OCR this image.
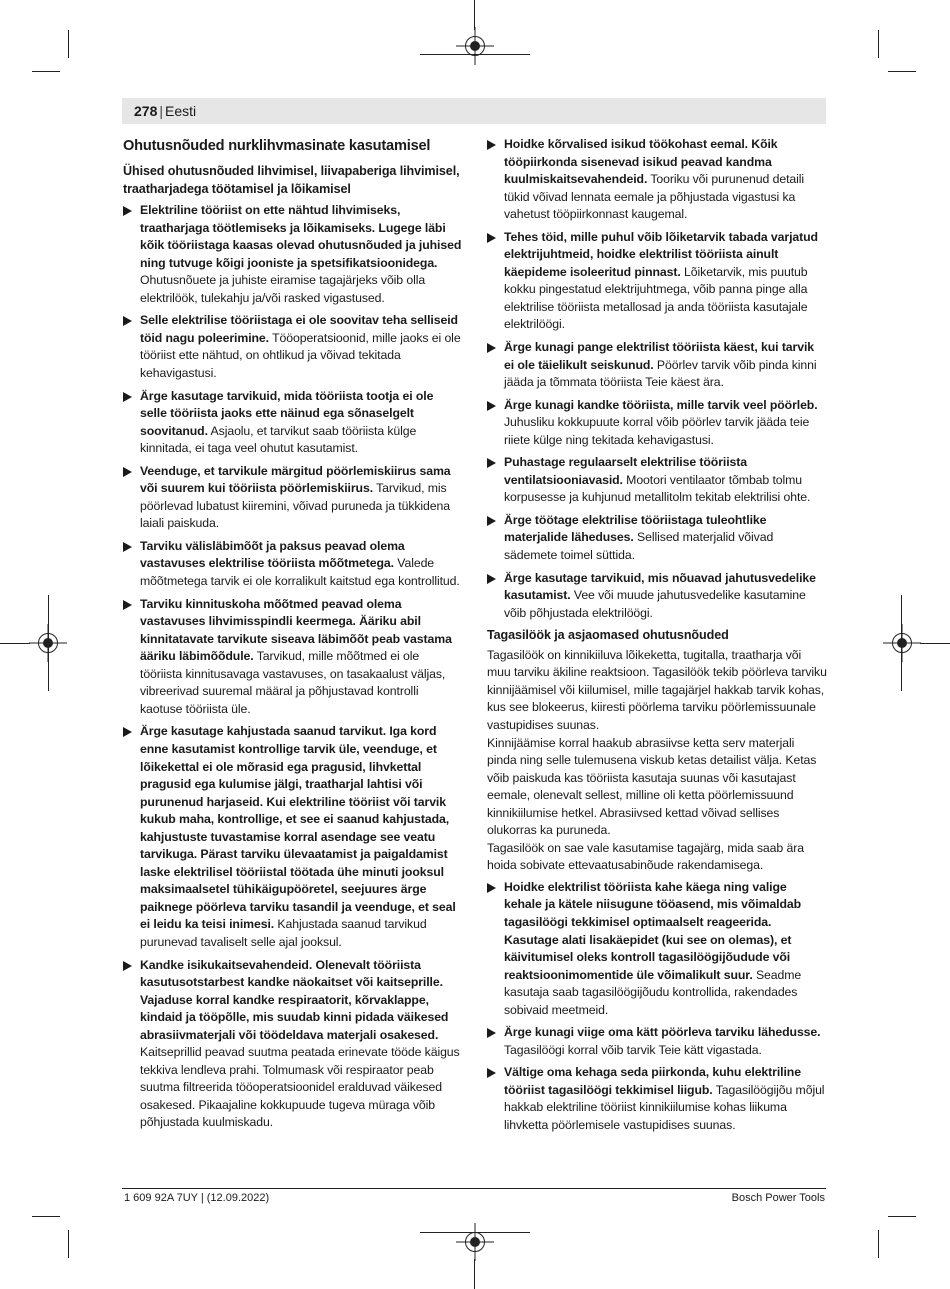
278 | Eesti
Ohutusnõuded nurklihvmasinate kasutamisel
Ühised ohutusnõuded lihvimisel, liivapaberiga lihvimisel, traatharjadega töötamisel ja lõikamisel
Elektriline tööriist on ette nähtud lihvimiseks, traatharjaga töötlemiseks ja lõikamiseks. Lugege läbi kõik tööriistaga kaasas olevad ohutusnõuded ja juhised ning tutvuge kõigi jooniste ja spetsifikatsioonidega. Ohutusnõuete ja juhiste eiramise tagajärjeks võib olla elektrilöök, tulekahju ja/või rasked vigastused.
Selle elektrilise tööriistaga ei ole soovitav teha selliseid töid nagu poleerimine. Tööoperatsioonid, mille jaoks ei ole tööriist ette nähtud, on ohtlikud ja võivad tekitada kehavigastusi.
Ärge kasutage tarvikuid, mida tööriista tootja ei ole selle tööriista jaoks ette näinud ega sõnaselgelt soovitanud. Asjaolu, et tarvikut saab tööriista külge kinnitada, ei taga veel ohutut kasutamist.
Veenduge, et tarvikule märgitud pöörlemiskiirus sama või suurem kui tööriista pöörlemiskiirus. Tarvikud, mis pöörlevad lubatust kiiremini, võivad puruneda ja tükkidena laiali paiskuda.
Tarviku välisläbimõõt ja paksus peavad olema vastavuses elektrilise tööriista mõõtmetega. Valede mõõtmetega tarvik ei ole korralikult kaitstud ega kontrollitud.
Tarviku kinnituskoha mõõtmed peavad olema vastavuses lihvimisspindli keermega. Ääriku abil kinnitatavate tarvikute siseava läbimõõt peab vastama ääriku läbimõõdule. Tarvikud, mille mõõtmed ei ole tööriista kinnitusavaga vastavuses, on tasakaalust väljas, vibreerivad suuremal määral ja põhjustavad kontrolli kaotuse tööriista üle.
Ärge kasutage kahjustada saanud tarvikut. Iga kord enne kasutamist kontrollige tarvik üle, veenduge, et lõikekettal ei ole mõrasid ega pragusid, lihvkettal pragusid ega kulumise jälgi, traatharjal lahtisi või purunenud harjaseid. Kui elektriline tööriist või tarvik kukub maha, kontrollige, et see ei saanud kahjustada, kahjustuste tuvastamise korral asendage see veatu tarvikuga. Pärast tarviku ülevaatamist ja paigaldamist laske elektrilisel tööriistal töötada ühe minuti jooksul maksimaalsetel tühikäigupööretel, seejuures ärge paiknege pöörleva tarviku tasandil ja veenduge, et seal ei leidu ka teisi inimesi. Kahjustada saanud tarvikud purunevad tavaliselt selle ajal jooksul.
Kandke isikukaitsevahendeid. Olenevalt tööriista kasutusotstarbest kandke näokaitset või kaitseprille. Vajaduse korral kandke respiraatorit, kõrvaklappe, kindaid ja tööpõlle, mis suudab kinni pidada väikesed abrasiivmaterjali või töödeldava materjali osakesed. Kaitseprillid peavad suutma peatada erinevate tööde käigus tekkiva lendleva prahi. Tolmumask või respiraator peab suutma filtreerida tööoperatsioonidel eralduvad väikesed osakesed. Pikaajaline kokkupuude tugeva müraga võib põhjustada kuulmiskadu.
Hoidke kõrvalised isikud töökohast eemal. Kõik tööpiirkonda sisenevad isikud peavad kandma kuulmiskaitsevahendeid. Tooriku või purunenud detaili tükid võivad lennata eemale ja põhjustada vigastusi ka vahetust tööpiirkonnast kaugemal.
Tehes töid, mille puhul võib lõiketarvik tabada varjatud elektrijuhtmeid, hoidke elektrilist tööriista ainult käepideme isoleeritud pinnast. Lõiketarvik, mis puutub kokku pingestatud elektrijuhtmega, võib panna pinge alla elektrilise tööriista metallosad ja anda tööriista kasutajale elektrilöögi.
Ärge kunagi pange elektrilist tööriista käest, kui tarvik ei ole täielikult seiskunud. Pöörlev tarvik võib pinda kinni jääda ja tõmmata tööriista Teie käest ära.
Ärge kunagi kandke tööriista, mille tarvik veel pöörleb. Juhusliku kokkupuute korral võib pöörlev tarvik jääda teie riiete külge ning tekitada kehavigastusi.
Puhastage regulaarselt elektrilise tööriista ventilatsiooniavasid. Mootori ventilaator tõmbab tolmu korpusesse ja kuhjunud metallitolm tekitab elektrilisi ohte.
Ärge töötage elektrilise tööriistaga tuleohtlike materjalide läheduses. Sellised materjalid võivad sädemete toimel süttida.
Ärge kasutage tarvikuid, mis nõuavad jahutusvedelike kasutamist. Vee või muude jahutusvedelike kasutamine võib põhjustada elektrilöögi.
Tagasilöök ja asjaomased ohutusnõuded

Tagasilöök on kinnikiiluva lõikeketta, tugitalla, traatharja või muu tarviku äkiline reaktsioon. Tagasilöök tekib pöörleva tarviku kinnijäämisel või kiilumisel, mille tagajärjel hakkab tarvik kohas, kus see blokeerus, kiiresti pöörlema tarviku pöörlemissuunale vastupidises suunas.

Kinnijäämise korral haakub abrasiivse ketta serv materjali pinda ning selle tulemusena viskub ketas detailist välja. Ketas võib paiskuda kas tööriista kasutaja suunas või kasutajast eemale, olenevalt sellest, milline oli ketta pöörlemissuund kinnikiilumise hetkel. Abrasiivsed kettad võivad sellises olukorras ka puruneda.

Tagasilöök on sae vale kasutamise tagajärg, mida saab ära hoida sobivate ettevaatusabinõude rakendamisega.

Hoidke elektrilist tööriista kahe käega ning valige kehale ja kätele niisugune tööasend, mis võimaldab tagasilöögi tekkimisel optimaalselt reageerida. Kasutage alati lisakäepidet (kui see on olemas), et käivitumisel oleks kontroll tagasilöögijõudude või reaktsioonimomentide üle võimalikult suur. Seadme kasutaja saab tagasilöögijõudu kontrollida, rakendades sobivaid meetmeid.
Ärge kunagi viige oma kätt pöörleva tarviku lähedusse. Tagasilöögi korral võib tarvik Teie kätt vigastada.
Vältige oma kehaga seda piirkonda, kuhu elektriline tööriist tagasilöögi tekkimisel liigub. Tagasilöögijõu mõjul hakkab elektriline tööriist kinnikiilumise kohas liikuma lihvketta pöörlemisele vastupidises suunas.
1 609 92A 7UY | (12.09.2022)	Bosch Power Tools
